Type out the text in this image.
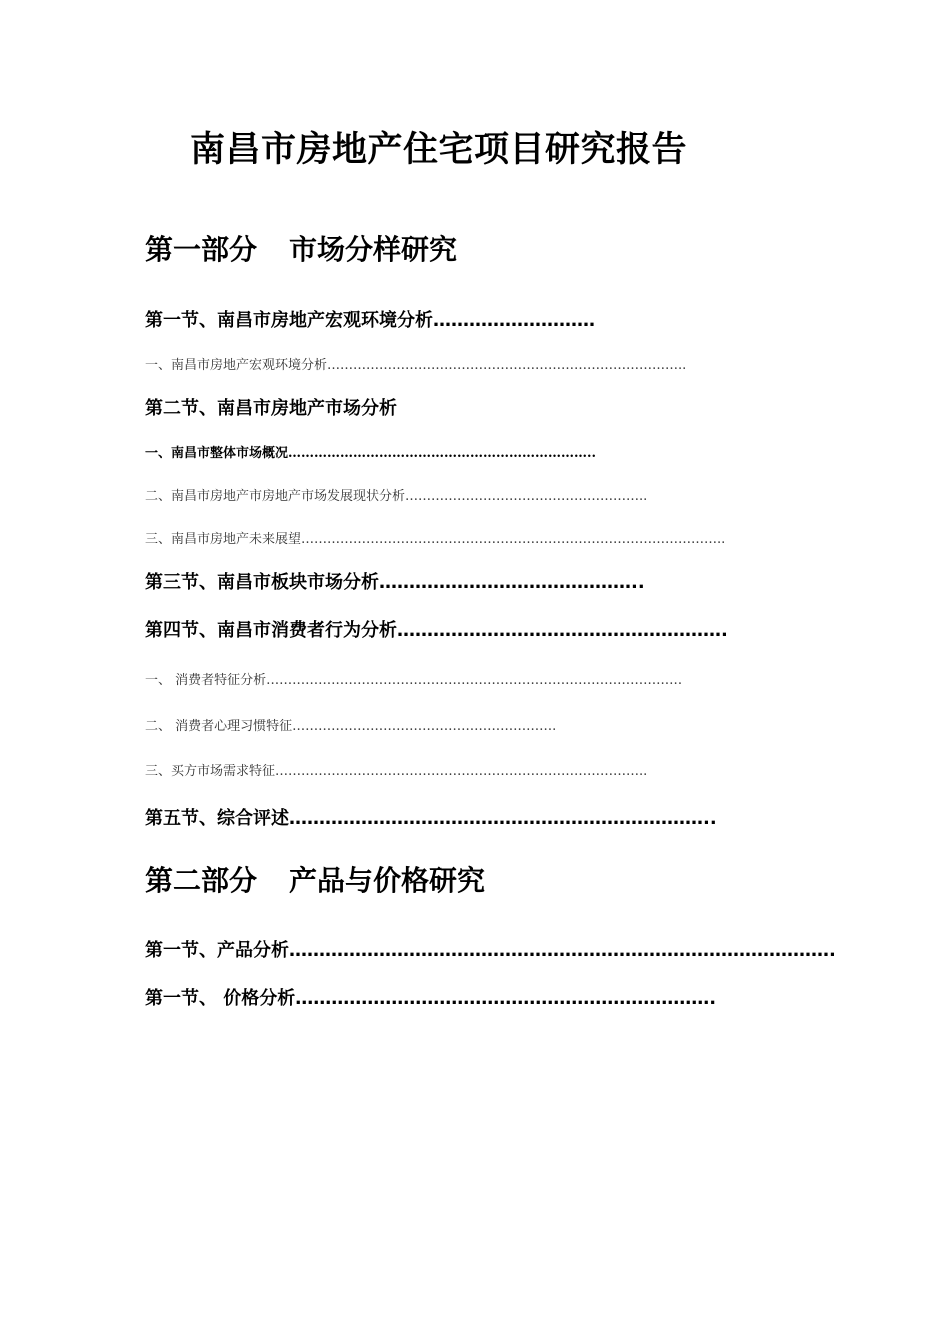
南昌市房地产住宅项目研究报告
第一部分 市场分样研究
第一节、南昌市房地产宏观环境分析………………………
一、南昌市房地产宏观环境分析………………………………………………………………………..
第二节、南昌市房地产市场分析
一、南昌市整体市场概况……………………………………………………………..
二、南昌市房地产市房地产市场发展现状分析………………………………………………..
三、南昌市房地产未来展望……………………………………………………………………………………..
第三节、南昌市板块市场分析……………………………………..
第四节、南昌市消费者行为分析……………………………………………….
一、 消费者特征分析……………………………………………………………………………………
二、 消费者心理习惯特征…………………………………………………….
三、买方市场需求特征…………………………………………………………………………..
第五节、综合评述……………………………………………………………..
第二部分 产品与价格研究
第一节、产品分析……………………………………………………………………………….
第一节、 价格分析…………………………………………………………….
